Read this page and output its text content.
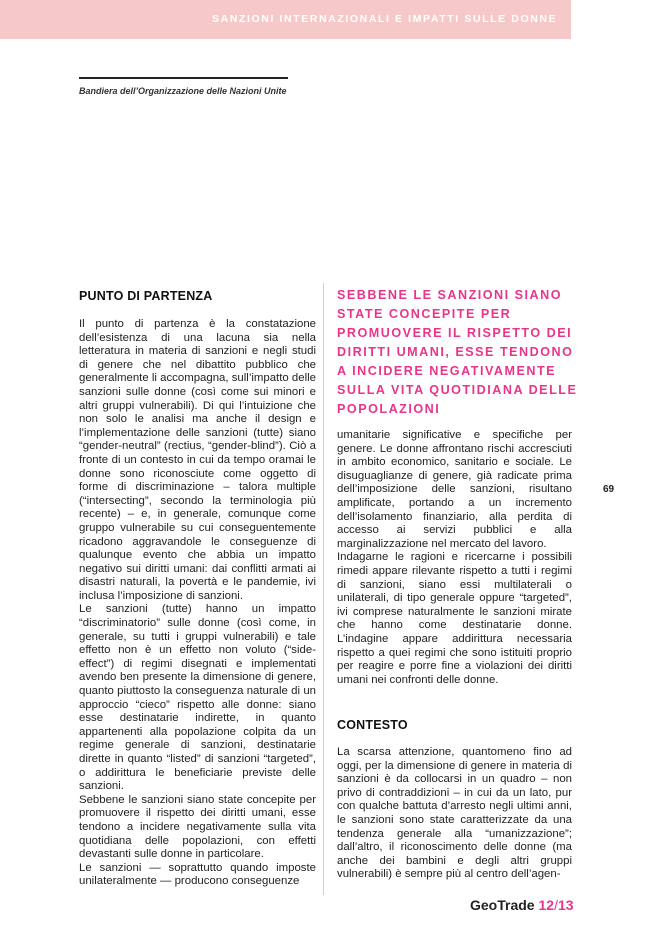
SANZIONI INTERNAZIONALI E IMPATTI SULLE DONNE
Bandiera dell’Organizzazione delle Nazioni Unite
PUNTO DI PARTENZA

Il punto di partenza è la constatazione dell’esistenza di una lacuna sia nella letteratura in materia di sanzioni e negli studi di genere che nel dibattito pubblico che generalmente li accompagna, sull’impatto delle sanzioni sulle donne (così come sui minori e altri gruppi vulnerabili). Di qui l’intuizione che non solo le analisi ma anche il design e l’implementazione delle sanzioni (tutte) siano “gender-neutral” (rectius, “gender-blind”). Ciò a fronte di un contesto in cui da tempo oramai le donne sono riconosciute come oggetto di forme di discriminazione – talora multiple (“intersecting”, secondo la terminologia più recente) – e, in generale, comunque come gruppo vulnerabile su cui conseguentemente ricadono aggravandole le conseguenze di qualunque evento che abbia un impatto negativo sui diritti umani: dai conflitti armati ai disastri naturali, la povertà e le pandemie, ivi inclusa l’imposizione di sanzioni.

Le sanzioni (tutte) hanno un impatto “discriminatorio” sulle donne (così come, in generale, su tutti i gruppi vulnerabili) e tale effetto non è un effetto non voluto (“side-effect”) di regimi disegnati e implementati avendo ben presente la dimensione di genere, quanto piuttosto la conseguenza naturale di un approccio “cieco” rispetto alle donne: siano esse destinatarie indirette, in quanto appartenenti alla popolazione colpita da un regime generale di sanzioni, destinatarie dirette in quanto “listed” di sanzioni “targeted”, o addirittura le beneficiarie previste delle sanzioni.

Sebbene le sanzioni siano state concepite per promuovere il rispetto dei diritti umani, esse tendono a incidere negativamente sulla vita quotidiana delle popolazioni, con effetti devastanti sulle donne in particolare.

Le sanzioni — soprattutto quando imposte unilateralmente — producono conseguenze

SEBBENE LE SANZIONI SIANO STATE CONCEPITE PER PROMUOVERE IL RISPETTO DEI DIRITTI UMANI, ESSE TENDONO A INCIDERE NEGATIVAMENTE SULLA VITA QUOTIDIANA DELLE POPOLAZIONI

umanitarie significative e specifiche per genere. Le donne affrontano rischi accresciuti in ambito economico, sanitario e sociale. Le disuguaglianze di genere, già radicate prima dell’imposizione delle sanzioni, risultano amplificate, portando a un incremento dell’isolamento finanziario, alla perdita di accesso ai servizi pubblici e alla marginalizzazione nel mercato del lavoro.

Indagarne le ragioni e ricercarne i possibili rimedi appare rilevante rispetto a tutti i regimi di sanzioni, siano essi multilaterali o unilaterali, di tipo generale oppure “targeted”, ivi comprese naturalmente le sanzioni mirate che hanno come destinatarie donne. L’indagine appare addirittura necessaria rispetto a quei regimi che sono istituiti proprio per reagire e porre fine a violazioni dei diritti umani nei confronti delle donne.

CONTESTO

La scarsa attenzione, quantomeno fino ad oggi, per la dimensione di genere in materia di sanzioni è da collocarsi in un quadro – non privo di contraddizioni – in cui da un lato, pur con qualche battuta d’arresto negli ultimi anni, le sanzioni sono state caratterizzate da una tendenza generale alla “umanizzazione”; dall’altro, il riconoscimento delle donne (ma anche dei bambini e degli altri gruppi vulnerabili) è sempre più al centro dell’agen-

69
GeoTrade 12/13
